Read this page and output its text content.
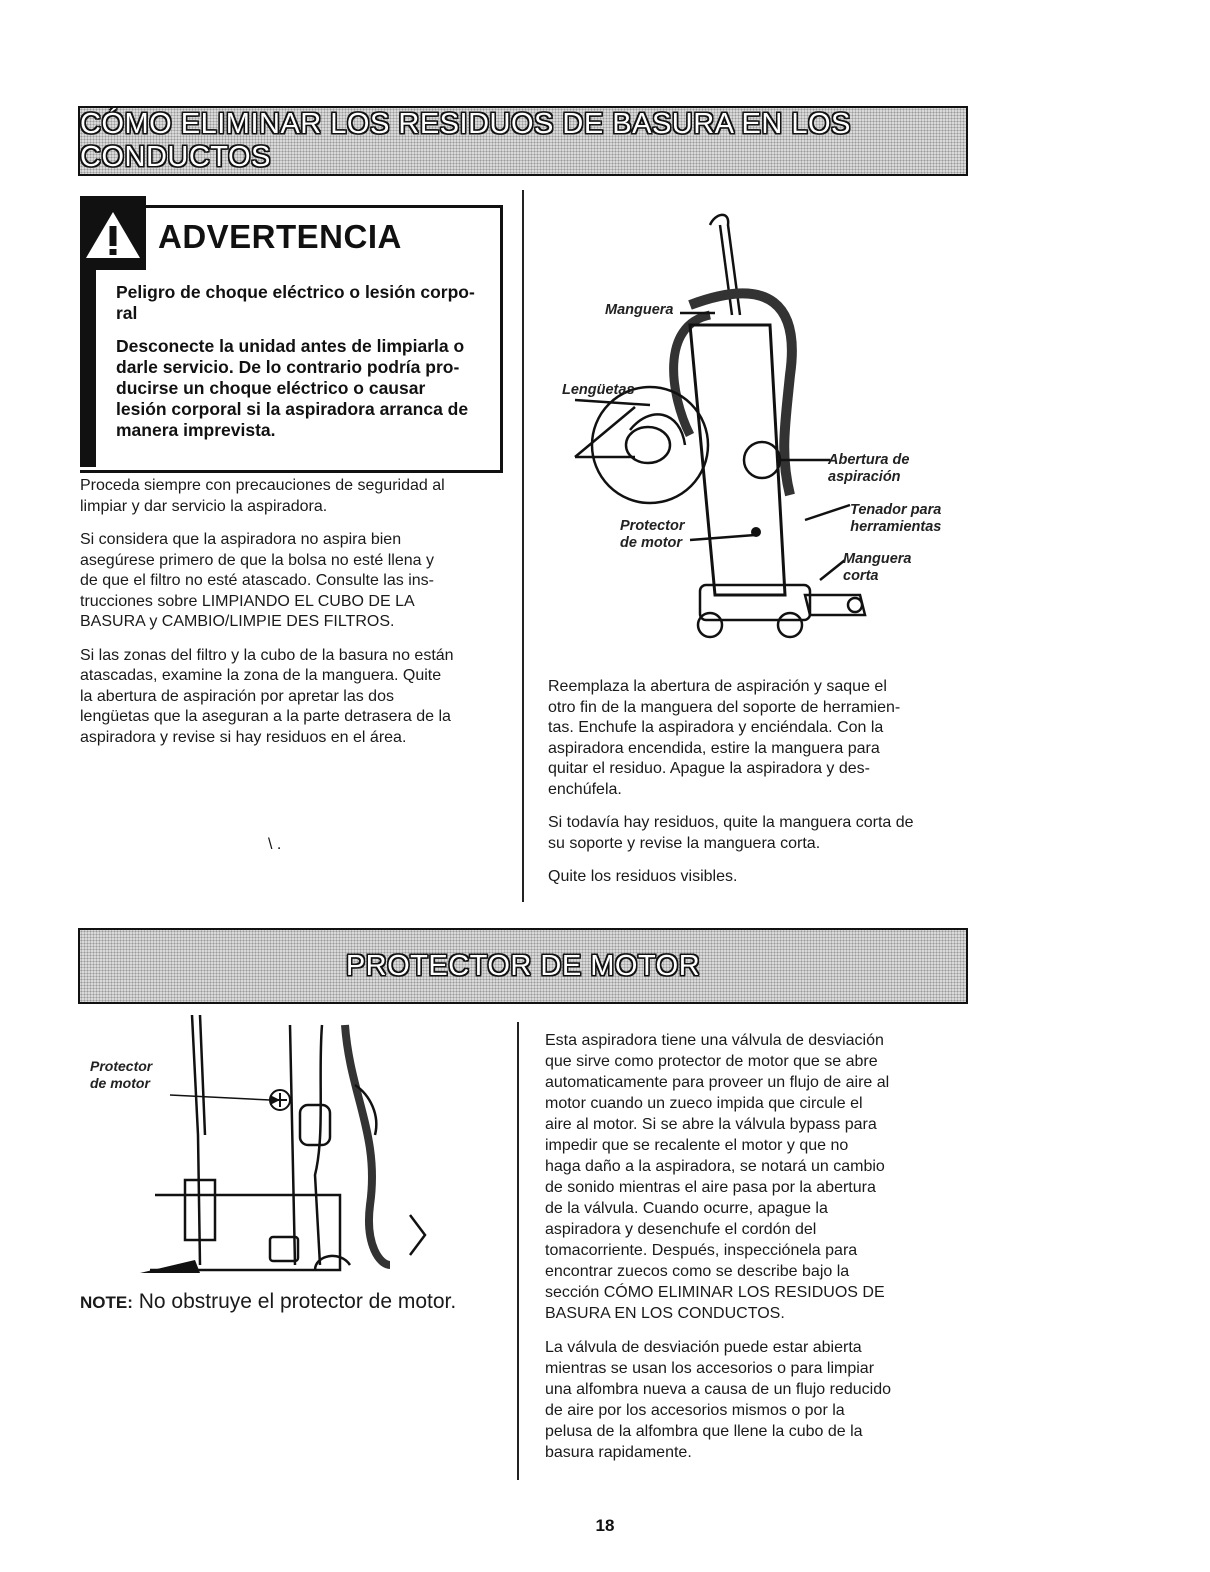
CÓMO ELIMINAR LOS RESIDUOS DE BASURA EN LOS CONDUCTOS
ADVERTENCIA

Peligro de choque eléctrico o lesión corpo-
ral

Desconecte la unidad antes de limpiarla o
darle servicio. De lo contrario podría pro-
ducirse un choque eléctrico o causar
lesión corporal si la aspiradora arranca de
manera imprevista.

Proceda siempre con precauciones de seguridad al
limpiar y dar servicio la aspiradora.

Si considera que la aspiradora no aspira bien
asegúrese primero de que la bolsa no esté llena y
de que el filtro no esté atascado. Consulte las ins-
trucciones sobre LIMPIANDO EL CUBO DE LA
BASURA y CAMBIO/LIMPIE DES FILTROS.

Si las zonas del filtro y la cubo de la basura no están
atascadas, examine la zona de la manguera. Quite
la abertura de aspiración por apretar las dos
lengüetas que la aseguran a la parte detrasera de la
aspiradora y revise si hay residuos en el área.

\ .
Manguera
Lengüetas
Abertura de
aspiración
Tenador para
herramientas
Protector
de motor
Manguera
corta

Reemplaza la abertura de aspiración y saque el
otro fin de la manguera del soporte de herramien-
tas. Enchufe la aspiradora y enciéndala. Con la
aspiradora encendida, estire la manguera para
quitar el residuo. Apague la aspiradora y des-
enchúfela.

Si todavía hay residuos, quite la manguera corta de
su soporte y revise la manguera corta.

Quite los residuos visibles.

PROTECTOR DE MOTOR
Protector
de motor
NOTE: No obstruye el protector de motor.

Esta aspiradora tiene una válvula de desviación
que sirve como protector de motor que se abre
automaticamente para proveer un flujo de aire al
motor cuando un zueco impida que circule el
aire al motor. Si se abre la válvula bypass para
impedir que se recalente el motor y que no
haga daño a la aspiradora, se notará un cambio
de sonido mientras el aire pasa por la abertura
de la válvula. Cuando ocurre, apague la
aspiradora y desenchufe el cordón del
tomacorriente. Después, inspecciónela para
encontrar zuecos como se describe bajo la
sección CÓMO ELIMINAR LOS RESIDUOS DE
BASURA EN LOS CONDUCTOS.

La válvula de desviación puede estar abierta
mientras se usan los accesorios o para limpiar
una alfombra nueva a causa de un flujo reducido
de aire por los accesorios mismos o por la
pelusa de la alfombra que llene la cubo de la
basura rapidamente.

18
